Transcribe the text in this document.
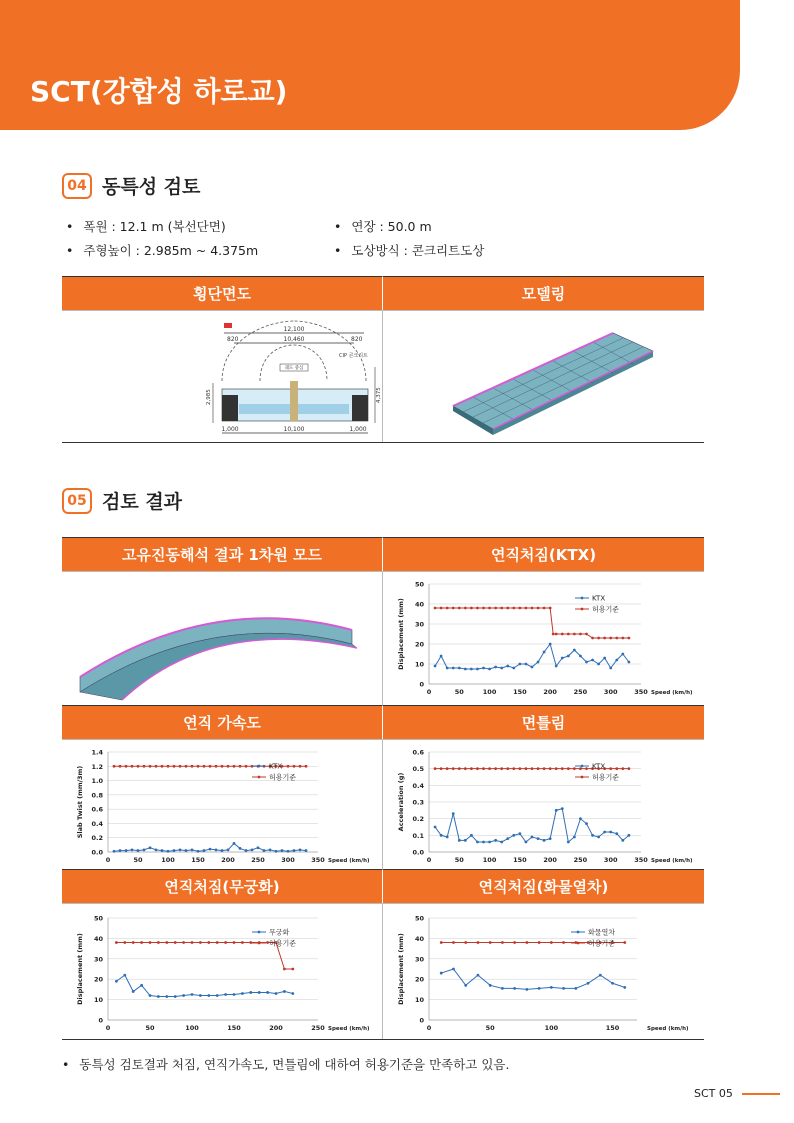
SCT(강합성 하로교)
04 동특성 검토
• 폭원 : 12.1 m (복선단면)
• 주형높이 : 2.985m ~ 4.375m
• 연장 : 50.0 m
• 도상방식 : 콘크리트도상
횡단면도	모델링
12,100
10,460
820	820
CIP 콘크리트
궤도 중심
2,985	4,375
1,000	10,100	1,000
05 검토 결과
고유진동해석 결과 1차원 모드	연직처짐(KTX)
0
10
20
30
40
50
0	50	100	150	200	250	300	350 Speed (km/h)
Displacement (mm)	KTX
허용기준
연직 가속도	면틀림
0.0
0.2
0.4
0.6
0.8
1.0
1.2
1.4
0	50	100	150	200	250	300	350 Speed (km/h)
Slab Twist (mm/3m)	KTX
허용기준
0.0
0.1
0.2
0.3
0.4
0.5
0.6
0	50	100	150	200	250	300	350 Speed (km/h)
Acceleration (g)
KTX
허용기준
연직처짐(무궁화)	연직처짐(화물열차)
0
10
20
30
40
50
0	50	100	150	200	250 Speed (km/h)
Displacement (mm)
무궁화
허용기준
0
10
20
30
40
50
0	50	100	150	Speed (km/h)
Displacement (mm)
화물열차
허용기준
• 동특성 검토결과 처짐, 연직가속도, 면틀림에 대하여 허용기준을 만족하고 있음.
SCT 05
